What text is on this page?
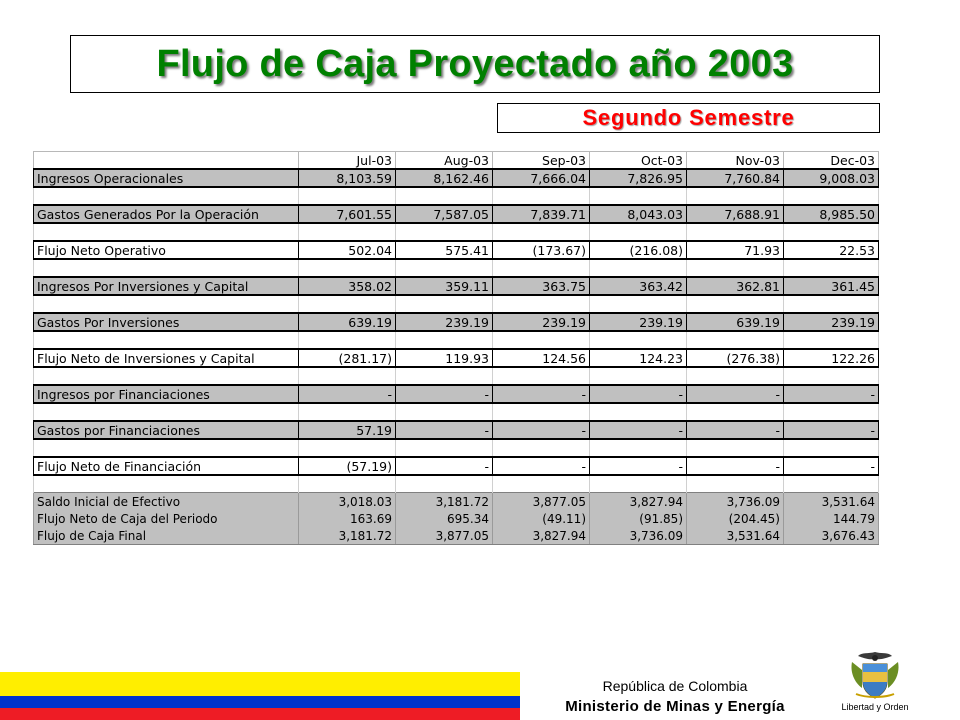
Flujo de Caja Proyectado año 2003
Segundo Semestre
	Jul-03	Aug-03	Sep-03	Oct-03	Nov-03	Dec-03
Ingresos Operacionales	8,103.59	8,162.46	7,666.04	7,826.95	7,760.84	9,008.03

Gastos Generados Por la Operación	7,601.55	7,587.05	7,839.71	8,043.03	7,688.91	8,985.50

Flujo Neto Operativo	502.04	575.41	(173.67)	(216.08)	71.93	22.53

Ingresos Por Inversiones y Capital	358.02	359.11	363.75	363.42	362.81	361.45

Gastos Por Inversiones	639.19	239.19	239.19	239.19	639.19	239.19

Flujo Neto de Inversiones y Capital	(281.17)	119.93	124.56	124.23	(276.38)	122.26

Ingresos por Financiaciones	-	-	-	-	-	-

Gastos por Financiaciones	57.19	-	-	-	-	-

Flujo Neto de Financiación	(57.19)	-	-	-	-	-

Saldo Inicial de Efectivo	3,018.03	3,181.72	3,877.05	3,827.94	3,736.09	3,531.64
Flujo Neto de Caja del Periodo	163.69	695.34	(49.11)	(91.85)	(204.45)	144.79
Flujo de Caja Final	3,181.72	3,877.05	3,827.94	3,736.09	3,531.64	3,676.43
República de Colombia
Ministerio de Minas y Energía	Libertad y Orden
